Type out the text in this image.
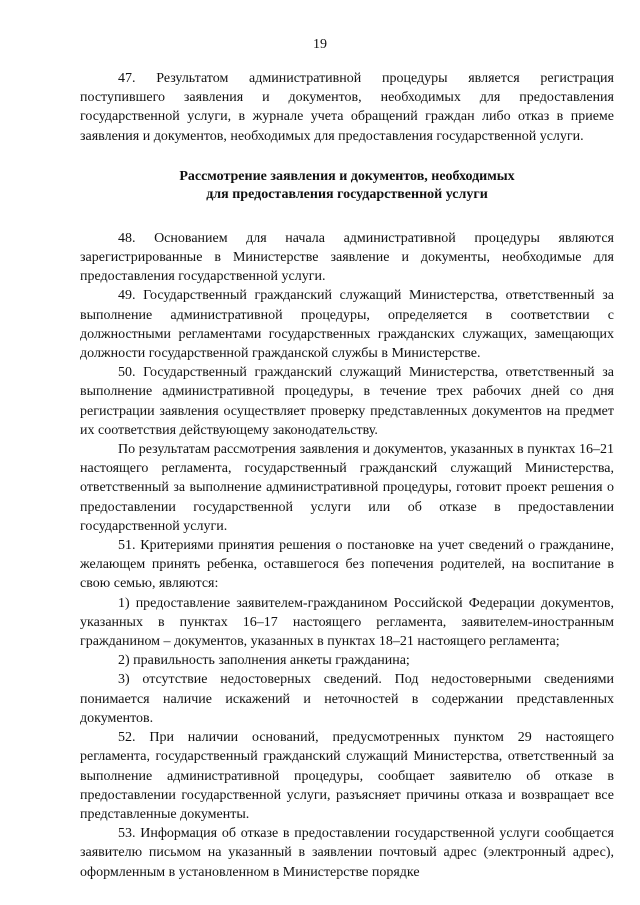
19

47. Результатом административной процедуры является регистрация поступившего заявления и документов, необходимых для предоставления государственной услуги, в журнале учета обращений граждан либо отказ в приеме заявления и документов, необходимых для предоставления государственной услуги.

Рассмотрение заявления и документов, необходимых
для предоставления государственной услуги

48. Основанием для начала административной процедуры являются зарегистрированные в Министерстве заявление и документы, необходимые для предоставления государственной услуги.

49. Государственный гражданский служащий Министерства, ответственный за выполнение административной процедуры, определяется в соответствии с должностными регламентами государственных гражданских служащих, замещающих должности государственной гражданской службы в Министерстве.

50. Государственный гражданский служащий Министерства, ответственный за выполнение административной процедуры, в течение трех рабочих дней со дня регистрации заявления осуществляет проверку представленных документов на предмет их соответствия действующему законодательству.

По результатам рассмотрения заявления и документов, указанных в пунктах 16–21 настоящего регламента, государственный гражданский служащий Министерства, ответственный за выполнение административной процедуры, готовит проект решения о предоставлении государственной услуги или об отказе в предоставлении государственной услуги.

51. Критериями принятия решения о постановке на учет сведений о гражданине, желающем принять ребенка, оставшегося без попечения родителей, на воспитание в свою семью, являются:

1) предоставление заявителем-гражданином Российской Федерации документов, указанных в пунктах 16–17 настоящего регламента, заявителем-иностранным гражданином – документов, указанных в пунктах 18–21 настоящего регламента;

2) правильность заполнения анкеты гражданина;

3) отсутствие недостоверных сведений. Под недостоверными сведениями понимается наличие искажений и неточностей в содержании представленных документов.

52. При наличии оснований, предусмотренных пунктом 29 настоящего регламента, государственный гражданский служащий Министерства, ответственный за выполнение административной процедуры, сообщает заявителю об отказе в предоставлении государственной услуги, разъясняет причины отказа и возвращает все представленные документы.

53. Информация об отказе в предоставлении государственной услуги сообщается заявителю письмом на указанный в заявлении почтовый адрес (электронный адрес), оформленным в установленном в Министерстве порядке
